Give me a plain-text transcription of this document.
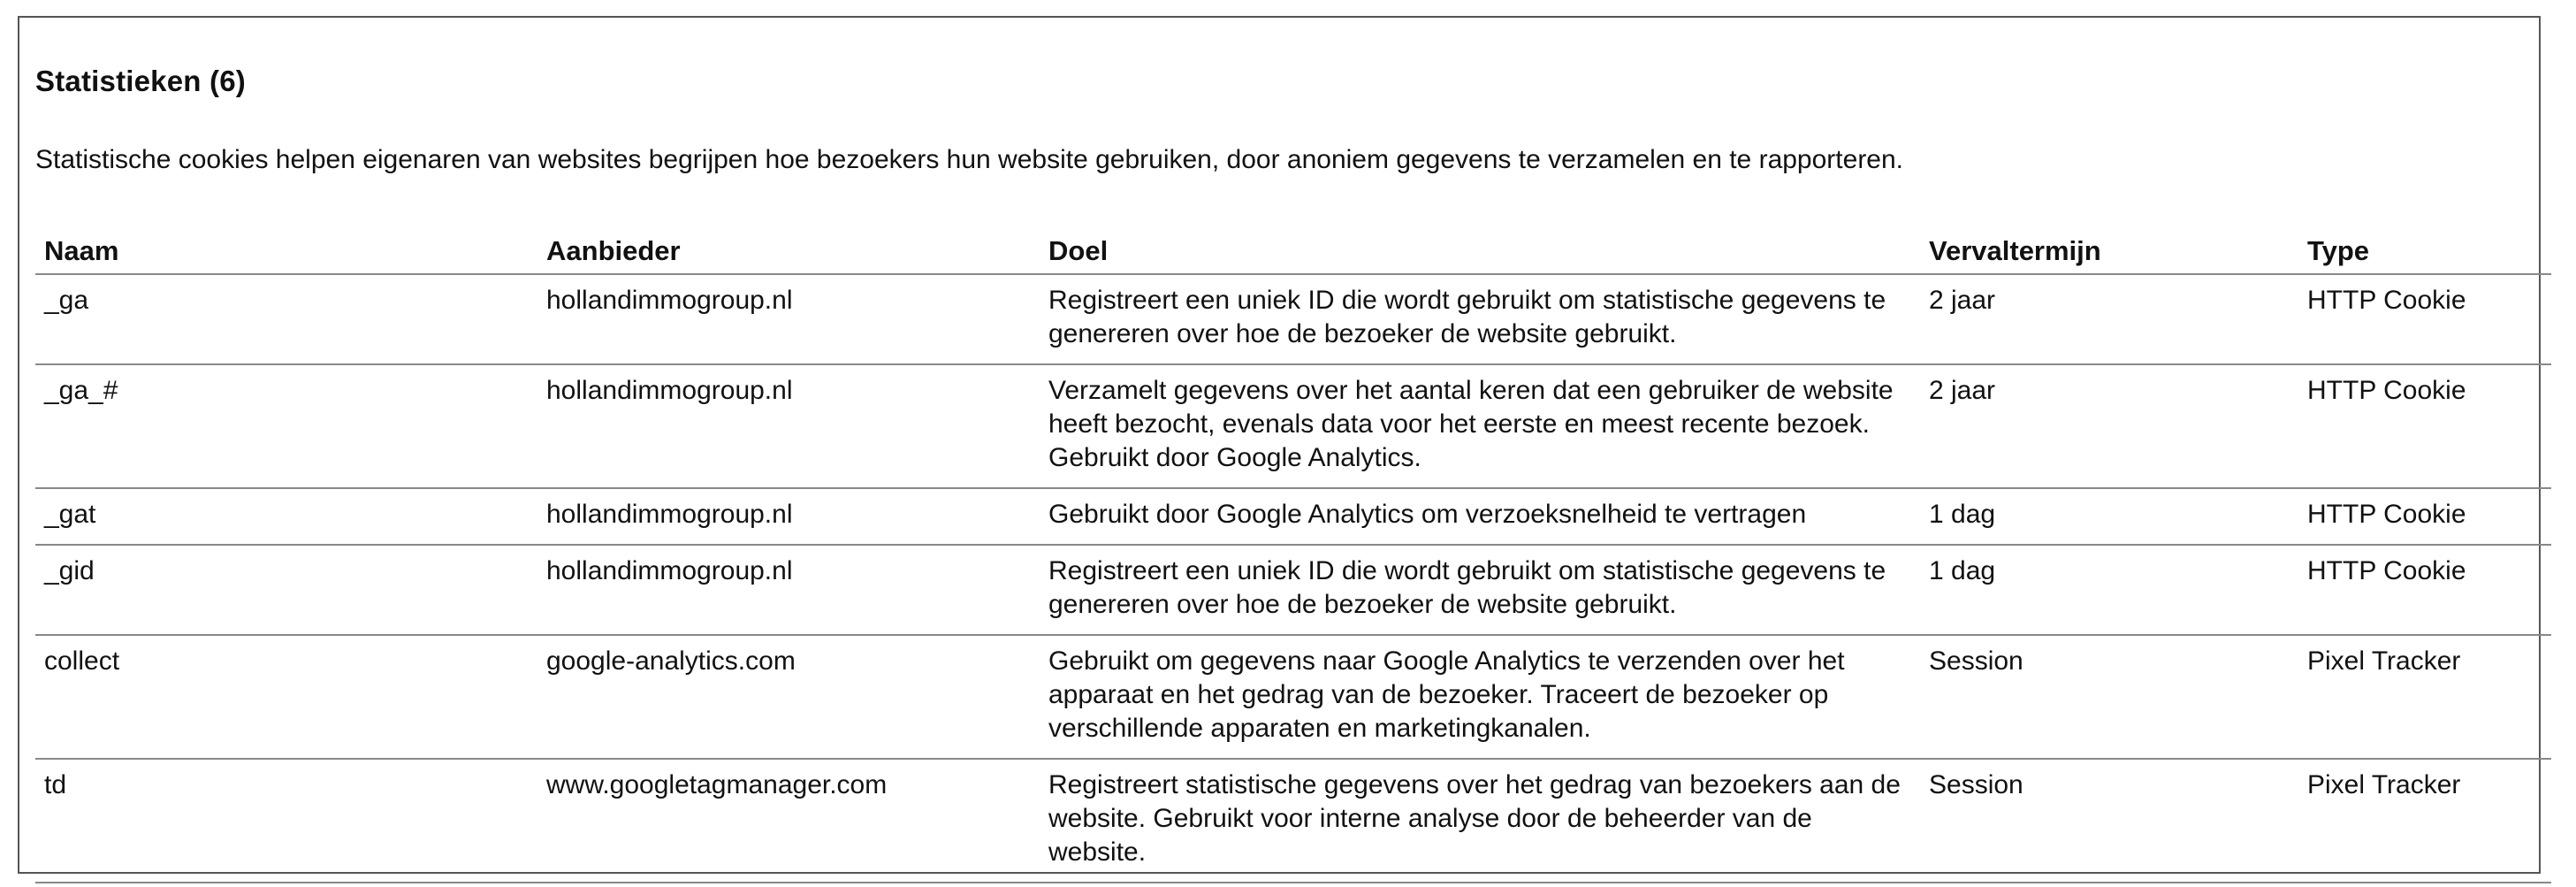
Statistieken (6)

Statistische cookies helpen eigenaren van websites begrijpen hoe bezoekers hun website gebruiken, door anoniem gegevens te verzamelen en te rapporteren.

Naam	Aanbieder	Doel	Vervaltermijn	Type
_ga	hollandimmogroup.nl	Registreert een uniek ID die wordt gebruikt om statistische gegevens te genereren over hoe de bezoeker de website gebruikt.	2 jaar	HTTP Cookie
_ga_#	hollandimmogroup.nl	Verzamelt gegevens over het aantal keren dat een gebruiker de website heeft bezocht, evenals data voor het eerste en meest recente bezoek. Gebruikt door Google Analytics.	2 jaar	HTTP Cookie
_gat	hollandimmogroup.nl	Gebruikt door Google Analytics om verzoeksnelheid te vertragen	1 dag	HTTP Cookie
_gid	hollandimmogroup.nl	Registreert een uniek ID die wordt gebruikt om statistische gegevens te genereren over hoe de bezoeker de website gebruikt.	1 dag	HTTP Cookie
collect	google-analytics.com	Gebruikt om gegevens naar Google Analytics te verzenden over het apparaat en het gedrag van de bezoeker. Traceert de bezoeker op verschillende apparaten en marketingkanalen.	Session	Pixel Tracker
td	www.googletagmanager.com	Registreert statistische gegevens over het gedrag van bezoekers aan de website. Gebruikt voor interne analyse door de beheerder van de website.	Session	Pixel Tracker
